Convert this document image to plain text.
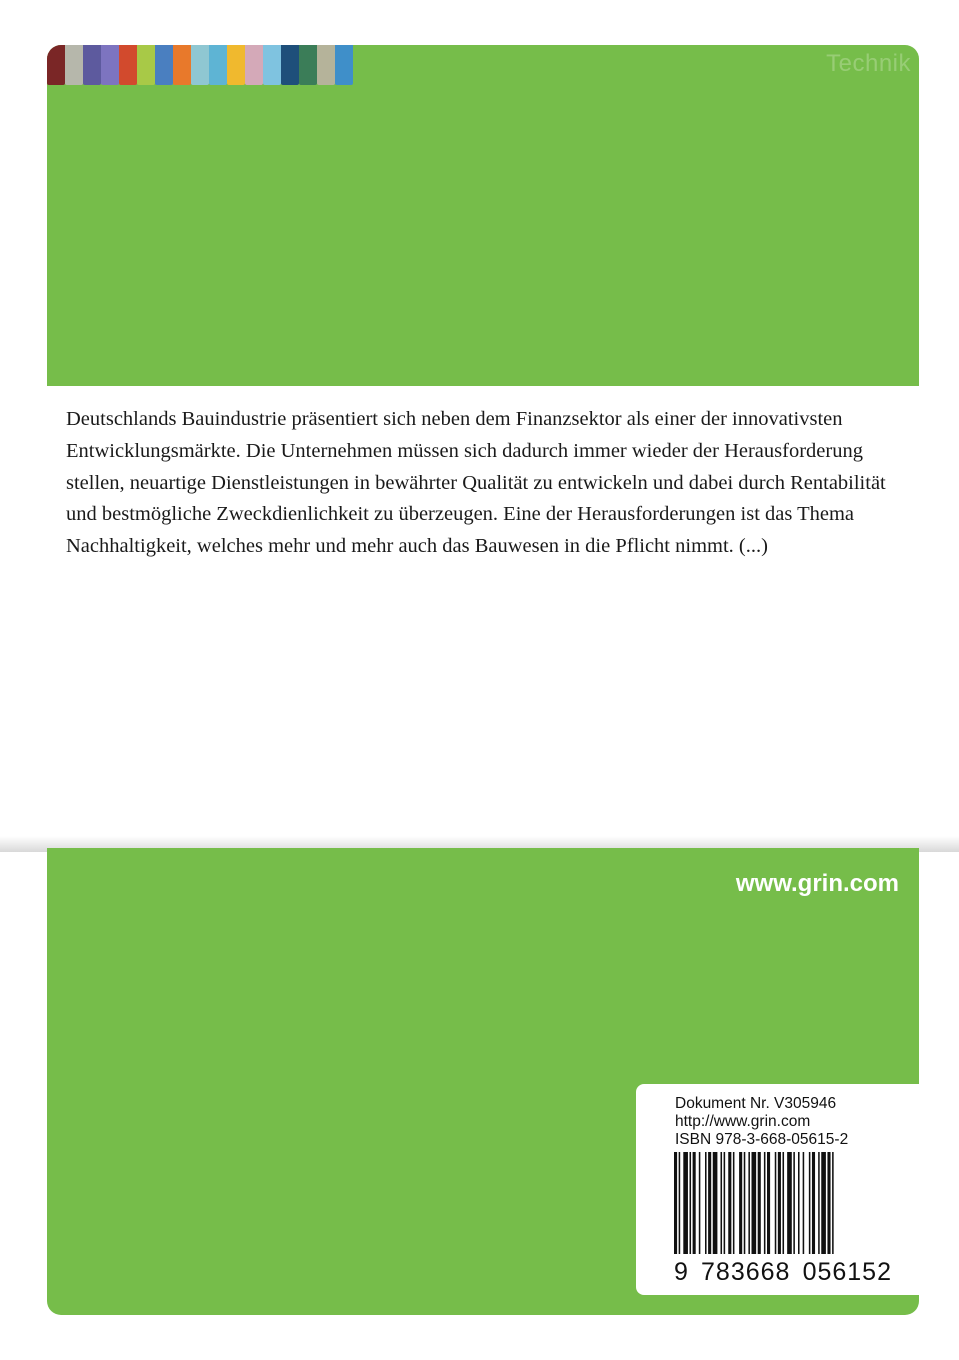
Technik

Deutschlands Bauindustrie präsentiert sich neben dem Finanzsektor als einer der innovativsten Entwicklungsmärkte. Die Unternehmen müssen sich dadurch immer wieder der Herausforderung stellen, neuartige Dienstleistungen in bewährter Qualität zu entwickeln und dabei durch Rentabilität und bestmögliche Zweckdienlichkeit zu überzeugen. Eine der Herausforderungen ist das Thema Nachhaltigkeit, welches mehr und mehr auch das Bauwesen in die Pflicht nimmt. (...)

www.grin.com
Dokument Nr. V305946
http://www.grin.com
ISBN 978-3-668-05615-2
9 783668 056152
